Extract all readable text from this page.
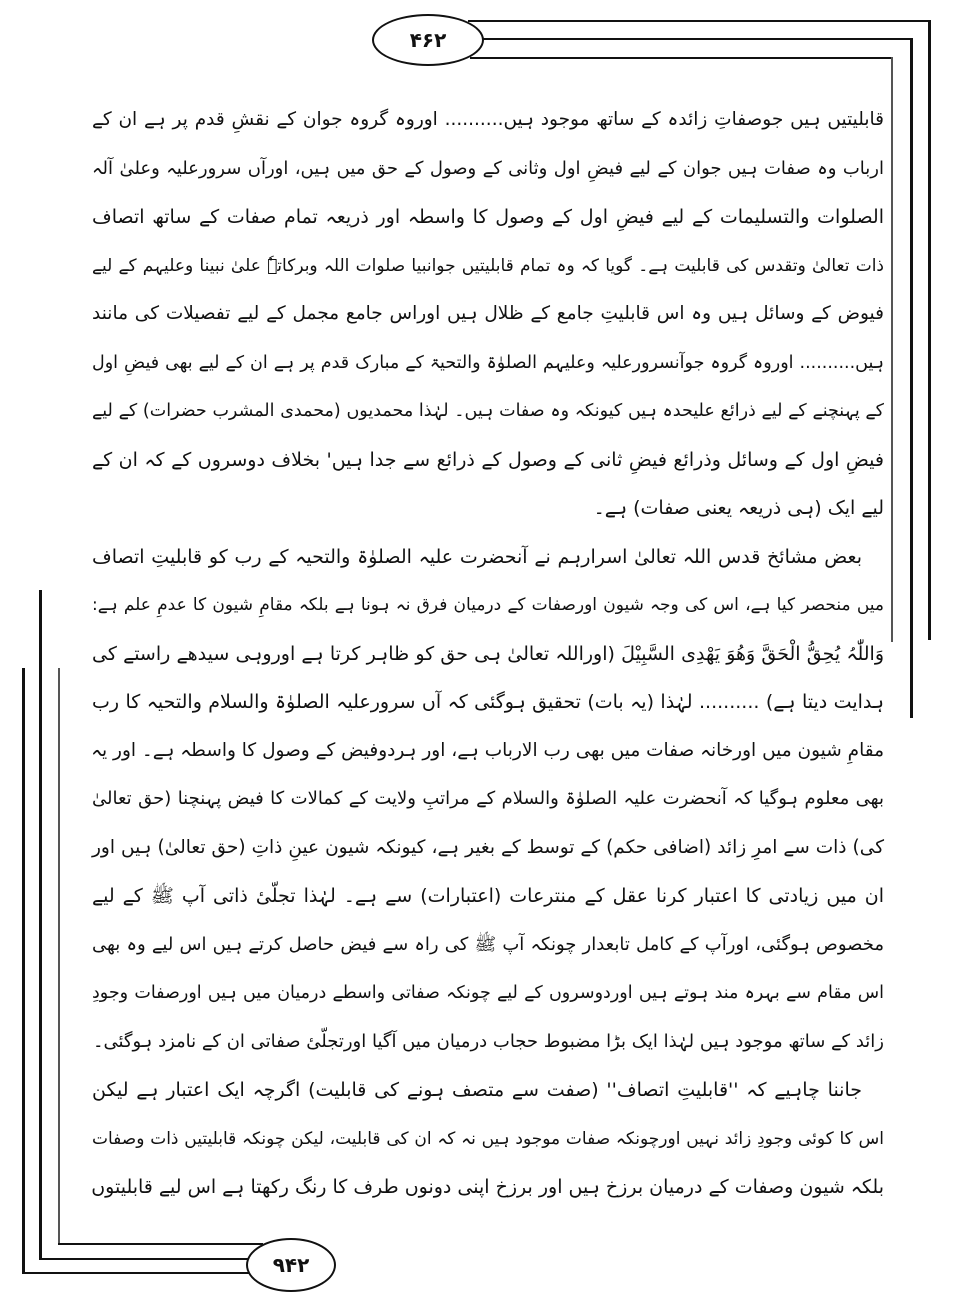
۴۶۲
۹۴۲
قابلیتیں ہیں جوصفاتِ زائدہ کے ساتھ موجود ہیں.......... اوروہ گروہ جوان کے نقشِ قدم پر ہے ان کے
ارباب وہ صفات ہیں جوان کے لیے فیضِ اول وثانی کے وصول کے حق میں ہیں، اورآں سرورعلیہ وعلیٰ آلہ
الصلوات والتسلیمات کے لیے فیضِ اول کے وصول کا واسطہ اور ذریعہ تمام صفات کے ساتھ اتصاف
ذات تعالیٰ وتقدس کی قابلیت ہے۔ گویا کہ وہ تمام قابلیتیں جوانبیا صلوات اللہ وبرکاتہٗ علیٰ نبینا وعلیہم کے لیے
فیوض کے وسائل ہیں وہ اس قابلیتِ جامع کے ظلال ہیں اوراس جامع مجمل کے لیے تفصیلات کی مانند
ہیں.......... اوروہ گروہ جوآنسرورعلیہ وعلیہم الصلوٰۃ والتحیۃ کے مبارک قدم پر ہے ان کے لیے بھی فیضِ اول
کے پہنچنے کے لیے ذرائع علیحدہ ہیں کیونکہ وہ صفات ہیں۔ لہٰذا محمدیوں (محمدی المشرب حضرات) کے لیے
فیضِ اول کے وسائل وذرائع فیضِ ثانی کے وصول کے ذرائع سے جدا ہیں' بخلاف دوسروں کے کہ ان کے
لیے ایک (ہی ذریعہ یعنی صفات) ہے۔
بعض مشائخ قدس اللہ تعالیٰ اسرارہم نے آنحضرت علیہ الصلوٰۃ والتحیہ کے رب کو قابلیتِ اتصاف
میں منحصر کیا ہے، اس کی وجہ شیون اورصفات کے درمیان فرق نہ ہونا ہے بلکہ مقامِ شیون کا عدمِ علم ہے:
وَاللّٰہُ یُحِقُّ الْحَقَّ وَھُوَ یَھْدِی السَّبِیْلَ (اوراللہ تعالیٰ ہی حق کو ظاہر کرتا ہے اوروہی سیدھے راستے کی
ہدایت دیتا ہے) .......... لہٰذا (یہ بات) تحقیق ہوگئی کہ آں سرورعلیہ الصلوٰۃ والسلام والتحیہ کا رب
مقامِ شیون میں اورخانہ صفات میں بھی رب الارباب ہے، اور ہردوفیض کے وصول کا واسطہ ہے۔ اور یہ
بھی معلوم ہوگیا کہ آنحضرت علیہ الصلوٰۃ والسلام کے مراتبِ ولایت کے کمالات کا فیض پہنچنا (حق تعالیٰ
کی) ذات سے امرِ زائد (اضافی حکم) کے توسط کے بغیر ہے، کیونکہ شیون عینِ ذاتِ (حق تعالیٰ) ہیں اور
ان میں زیادتی کا اعتبار کرنا عقل کے منترعات (اعتبارات) سے ہے۔ لہٰذا تجلّیٔ ذاتی آپ ﷺ کے لیے
مخصوص ہوگئی، اورآپ کے کامل تابعدار چونکہ آپ ﷺ کی راہ سے فیض حاصل کرتے ہیں اس لیے وہ بھی
اس مقام سے بہرہ مند ہوتے ہیں اوردوسروں کے لیے چونکہ صفاتی واسطے درمیان میں ہیں اورصفات وجودِ
زائد کے ساتھ موجود ہیں لہٰذا ایک بڑا مضبوط حجاب درمیان میں آگیا اورتجلّیٔ صفاتی ان کے نامزد ہوگئی۔
جاننا چاہیے کہ ''قابلیتِ اتصاف'' (صفت سے متصف ہونے کی قابلیت) اگرچہ ایک اعتبار ہے لیکن
اس کا کوئی وجودِ زائد نہیں اورچونکہ صفات موجود ہیں نہ کہ ان کی قابلیت، لیکن چونکہ قابلیتیں ذات وصفات
بلکہ شیون وصفات کے درمیان برزخ ہیں اور برزخ اپنی دونوں طرف کا رنگ رکھتا ہے اس لیے قابلیتوں
